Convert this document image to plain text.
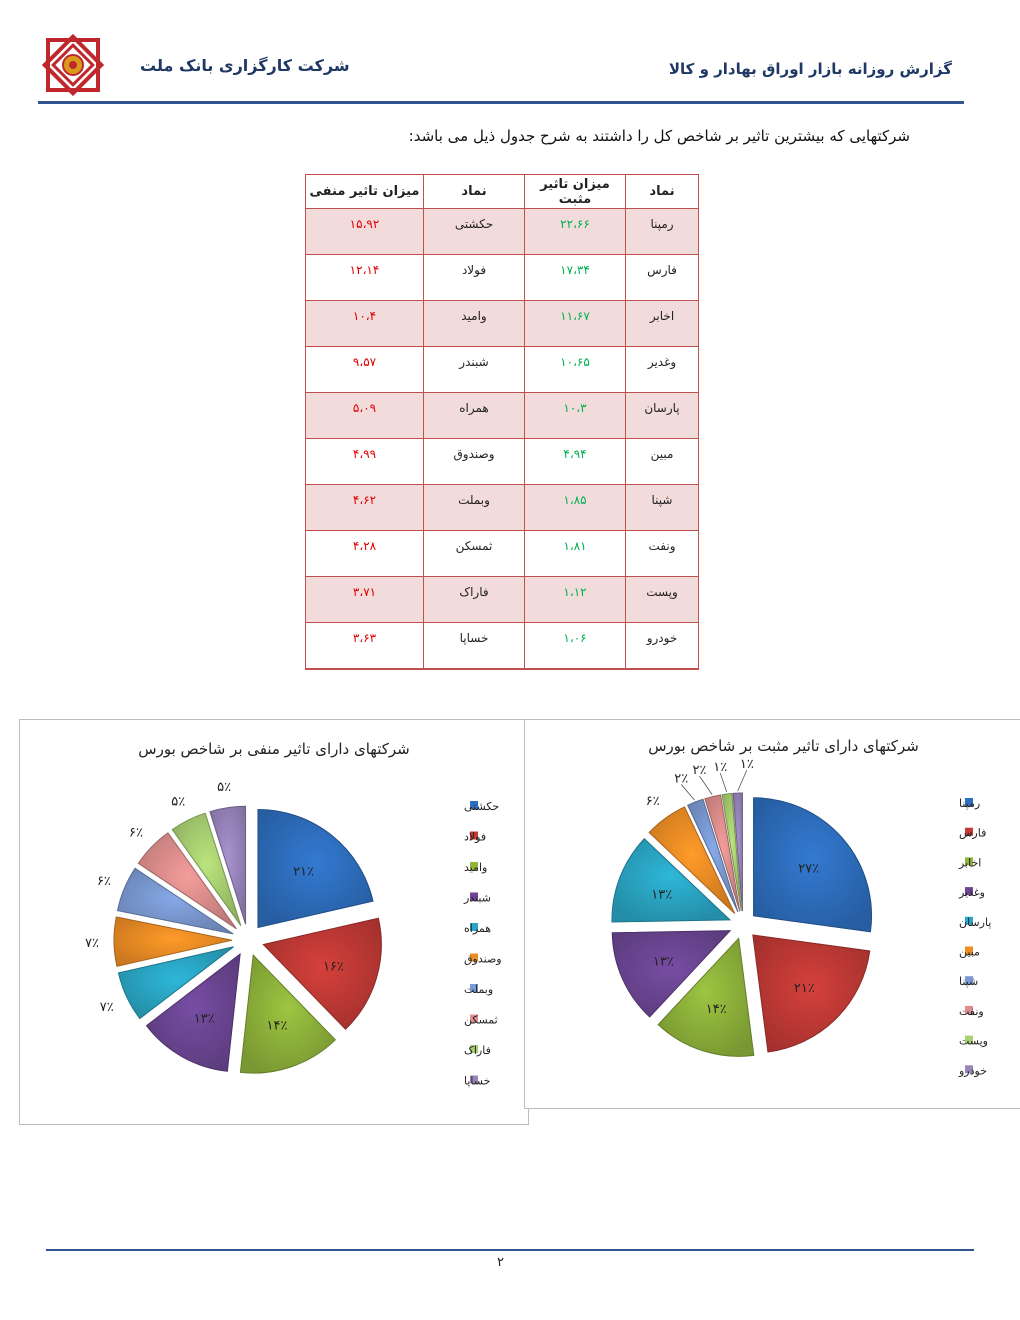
شرکت کارگزاری بانک ملت	گزارش روزانه بازار اوراق بهادار و کالا
شرکتهایی که بیشترین تاثیر بر شاخص کل را داشتند به شرح جدول ذیل می باشد:
نماد	میزان تاثیر مثبت	نماد	میزان تاثیر منفی
رمپنا	۲۲،۶۶	حکشتی	۱۵،۹۲
فارس	۱۷،۳۴	فولاد	۱۲،۱۴
اخابر	۱۱،۶۷	وامید	۱۰،۴
وغدیر	۱۰،۶۵	شبندر	۹،۵۷
پارسان	۱۰،۳	همراه	۵،۰۹
مبین	۴،۹۴	وصندوق	۴،۹۹
شپنا	۱،۸۵	وبملت	۴،۶۲
ونفت	۱،۸۱	ثمسکن	۴،۲۸
وپست	۱،۱۲	فاراک	۳،۷۱
خودرو	۱،۰۶	خساپا	۳،۶۳
شرکتهای دارای تاثیر منفی بر شاخص بورس
۲۱٪
حکشتی
۱۶٪
فولاد
۱۴٪
وامید
۱۳٪
شبندر
۷٪
همراه
۷٪
وصندوق
۶٪
وبملت
۶٪
ثمسکن
۵٪
فاراک
۵٪
خساپا
شرکتهای دارای تاثیر مثبت بر شاخص بورس
۲۷٪
رمپنا
۲۱٪
فارس
۱۴٪
اخابر
۱۳٪
وغدیر
۱۳٪
پارسان
۶٪
مبین
۲٪
شپنا
۲٪
ونفت
۱٪
وپست
۱٪
خودرو
۲
